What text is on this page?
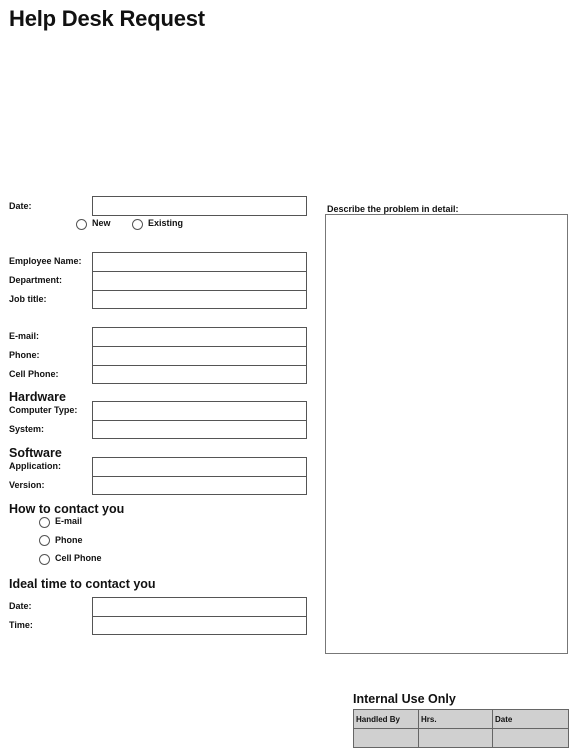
Help Desk Request
Date:
New	Existing
Employee Name:
Department:
Job title:
E-mail:
Phone:
Cell Phone:
Hardware
Computer Type:
System:
Software
Application:
Version:
How to contact you
E-mail
Phone
Cell Phone
Ideal time to contact you
Date:
Time:
Describe the problem in detail:
Internal Use Only
Handled By	Hrs.	Date
